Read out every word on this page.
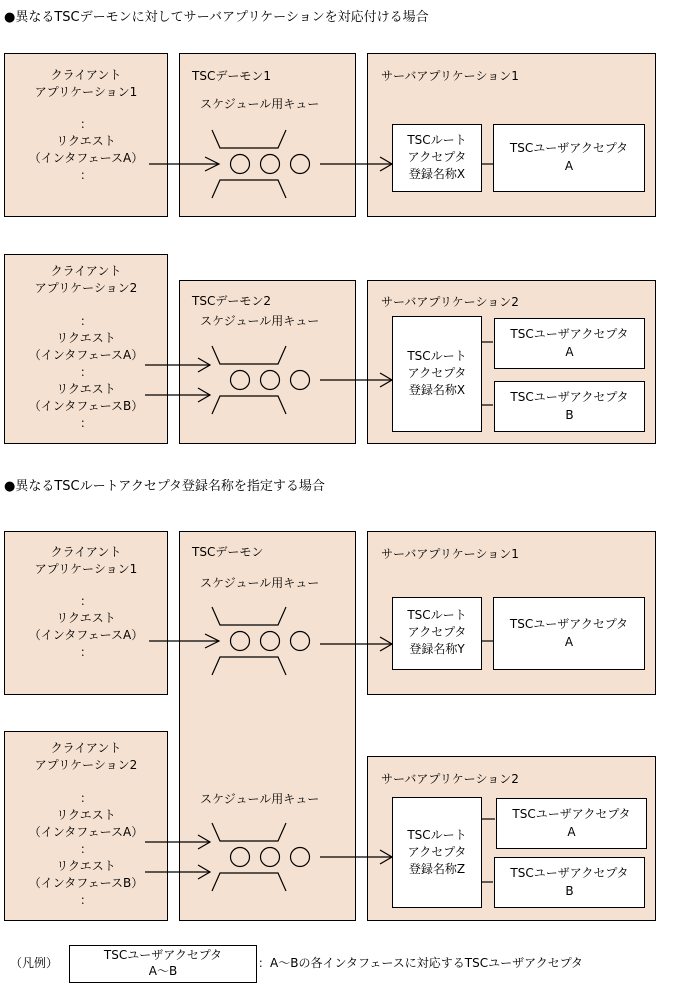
●異なるTSCデーモンに対してサーバアプリケーションを対応付ける場合
クライアント
アプリケーション1
：
リクエスト
（インタフェースA）
：
TSCデーモン1
スケジュール用キュー
サーバアプリケーション1
TSCルート
アクセプタ
登録名称X
TSCユーザアクセプタ
A
クライアント
アプリケーション2
：
リクエスト
（インタフェースA）
：
リクエスト
（インタフェースB）
：
TSCデーモン2
スケジュール用キュー
サーバアプリケーション2
TSCルート
アクセプタ
登録名称X
TSCユーザアクセプタ
A
TSCユーザアクセプタ
B
●異なるTSCルートアクセプタ登録名称を指定する場合
クライアント
アプリケーション1
：
リクエスト
（インタフェースA）
：
クライアント
アプリケーション2
：
リクエスト
（インタフェースA）
：
リクエスト
（インタフェースB）
：
TSCデーモン
スケジュール用キュー
スケジュール用キュー
サーバアプリケーション1
TSCルート
アクセプタ
登録名称Y
TSCユーザアクセプタ
A
サーバアプリケーション2
TSCルート
アクセプタ
登録名称Z
TSCユーザアクセプタ
A
TSCユーザアクセプタ
B
（凡例）
TSCユーザアクセプタ
A～B
：A～Bの各インタフェースに対応するTSCユーザアクセプタ
